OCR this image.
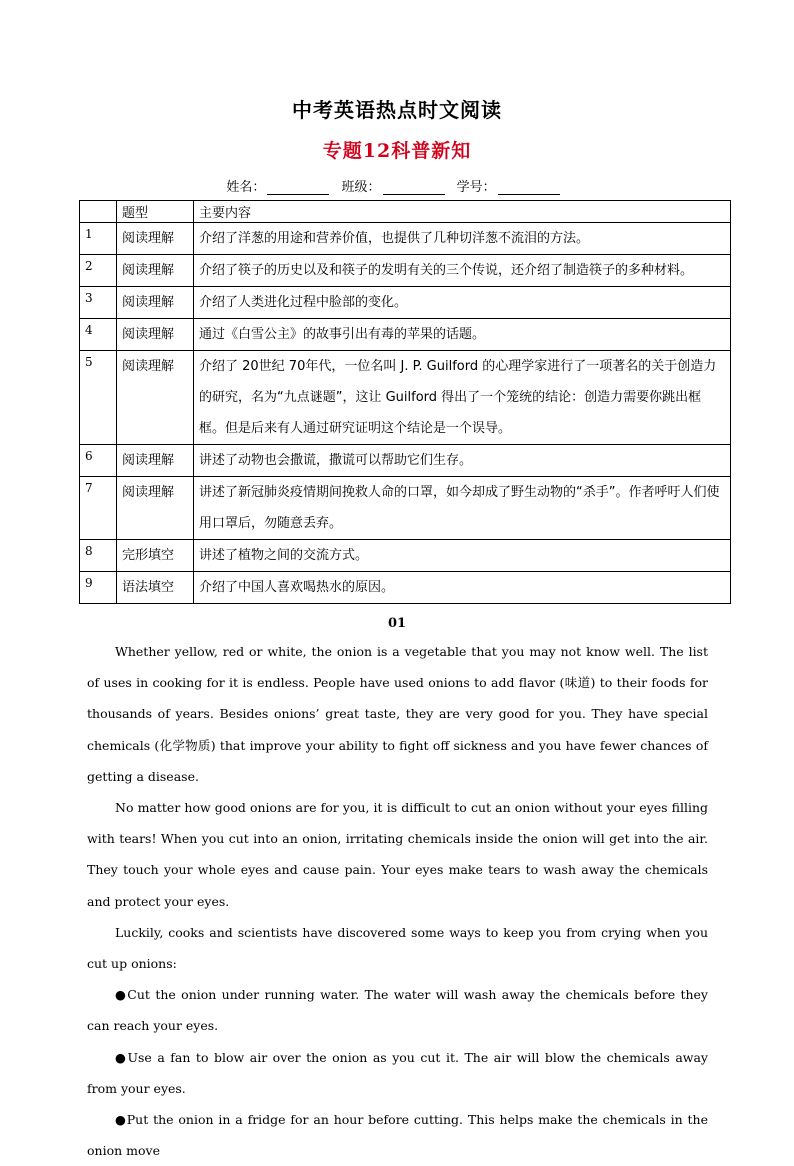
中考英语热点时文阅读
专题12科普新知
姓名：	班级：	学号：
	题型	主要内容
1	阅读理解	介绍了洋葱的用途和营养价值，也提供了几种切洋葱不流泪的方法。
2	阅读理解	介绍了筷子的历史以及和筷子的发明有关的三个传说，还介绍了制造筷子的多种材料。
3	阅读理解	介绍了人类进化过程中脸部的变化。
4	阅读理解	通过《白雪公主》的故事引出有毒的苹果的话题。
5	阅读理解	介绍了 20世纪 70年代，一位名叫 J. P. Guilford 的心理学家进行了一项著名的关于创造力的研究，名为“九点谜题”，这让 Guilford 得出了一个笼统的结论：创造力需要你跳出框框。但是后来有人通过研究证明这个结论是一个误导。
6	阅读理解	讲述了动物也会撒谎，撒谎可以帮助它们生存。
7	阅读理解	讲述了新冠肺炎疫情期间挽救人命的口罩，如今却成了野生动物的“杀手”。作者呼吁人们使用口罩后，勿随意丢弃。
8	完形填空	讲述了植物之间的交流方式。
9	语法填空	介绍了中国人喜欢喝热水的原因。
01

Whether yellow, red or white, the onion is a vegetable that you may not know well. The list of uses in cooking for it is endless. People have used onions to add flavor (味道) to their foods for thousands of years. Besides onions’ great taste, they are very good for you. They have special chemicals (化学物质) that improve your ability to fight off sickness and you have fewer chances of getting a disease.

No matter how good onions are for you, it is difficult to cut an onion without your eyes filling with tears! When you cut into an onion, irritating chemicals inside the onion will get into the air. They touch your whole eyes and cause pain. Your eyes make tears to wash away the chemicals and protect your eyes.

Luckily, cooks and scientists have discovered some ways to keep you from crying when you cut up onions:

●Cut the onion under running water. The water will wash away the chemicals before they can reach your eyes.

●Use a fan to blow air over the onion as you cut it. The air will blow the chemicals away from your eyes.

●Put the onion in a fridge for an hour before cutting. This helps make the chemicals in the onion move
